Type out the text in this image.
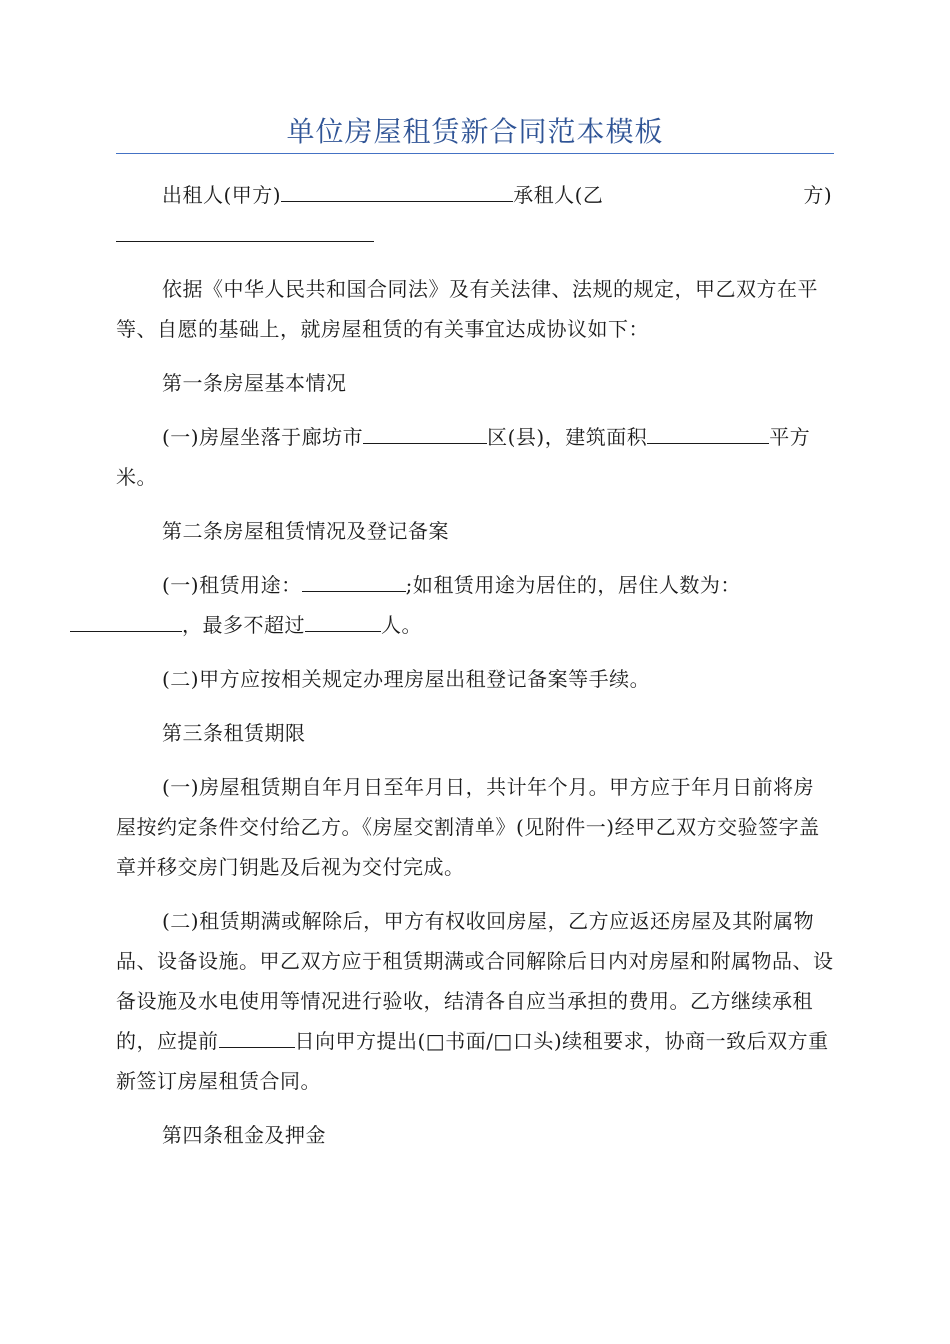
单位房屋租赁新合同范本模板

出租人(甲方)	承租人(乙	方)

依据《中华人民共和国合同法》及有关法律、法规的规定，甲乙双方在平等、自愿的基础上，就房屋租赁的有关事宜达成协议如下：

第一条房屋基本情况

(一)房屋坐落于廊坊市	区(县)，建筑面积	平方米。

第二条房屋租赁情况及登记备案

(一)租赁用途：	;如租赁用途为居住的，居住人数为：，最多不超过	人。

(二)甲方应按相关规定办理房屋出租登记备案等手续。

第三条租赁期限

(一)房屋租赁期自年月日至年月日，共计年个月。甲方应于年月日前将房屋按约定条件交付给乙方。《房屋交割清单》(见附件一)经甲乙双方交验签字盖章并移交房门钥匙及后视为交付完成。

(二)租赁期满或解除后，甲方有权收回房屋，乙方应返还房屋及其附属物品、设备设施。甲乙双方应于租赁期满或合同解除后日内对房屋和附属物品、设备设施及水电使用等情况进行验收，结清各自应当承担的费用。乙方继续承租的，应提前	日向甲方提出(□书面/□口头)续租要求，协商一致后双方重新签订房屋租赁合同。

第四条租金及押金
